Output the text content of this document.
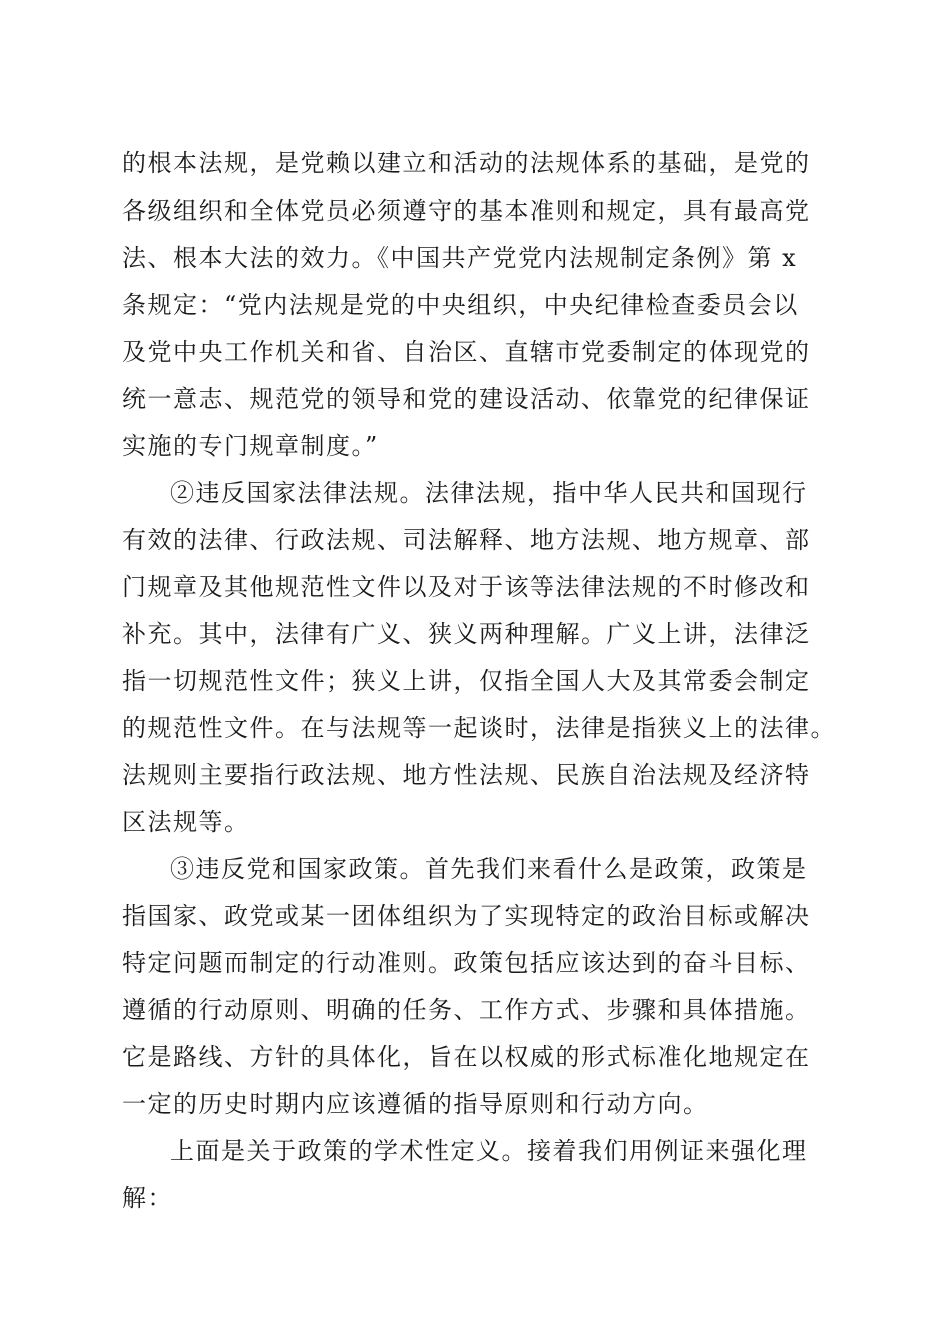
的根本法规，是党赖以建立和活动的法规体系的基础，是党的
各级组织和全体党员必须遵守的基本准则和规定，具有最高党
法、根本大法的效力。《中国共产党党内法规制定条例》第 x
条规定：“党内法规是党的中央组织，中央纪律检查委员会以
及党中央工作机关和省、自治区、直辖市党委制定的体现党的
统一意志、规范党的领导和党的建设活动、依靠党的纪律保证
实施的专门规章制度。”
②违反国家法律法规。法律法规，指中华人民共和国现行
有效的法律、行政法规、司法解释、地方法规、地方规章、部
门规章及其他规范性文件以及对于该等法律法规的不时修改和
补充。其中，法律有广义、狭义两种理解。广义上讲，法律泛
指一切规范性文件；狭义上讲，仅指全国人大及其常委会制定
的规范性文件。在与法规等一起谈时，法律是指狭义上的法律。
法规则主要指行政法规、地方性法规、民族自治法规及经济特
区法规等。
③违反党和国家政策。首先我们来看什么是政策，政策是
指国家、政党或某一团体组织为了实现特定的政治目标或解决
特定问题而制定的行动准则。政策包括应该达到的奋斗目标、
遵循的行动原则、明确的任务、工作方式、步骤和具体措施。
它是路线、方针的具体化，旨在以权威的形式标准化地规定在
一定的历史时期内应该遵循的指导原则和行动方向。
上面是关于政策的学术性定义。接着我们用例证来强化理
解：
